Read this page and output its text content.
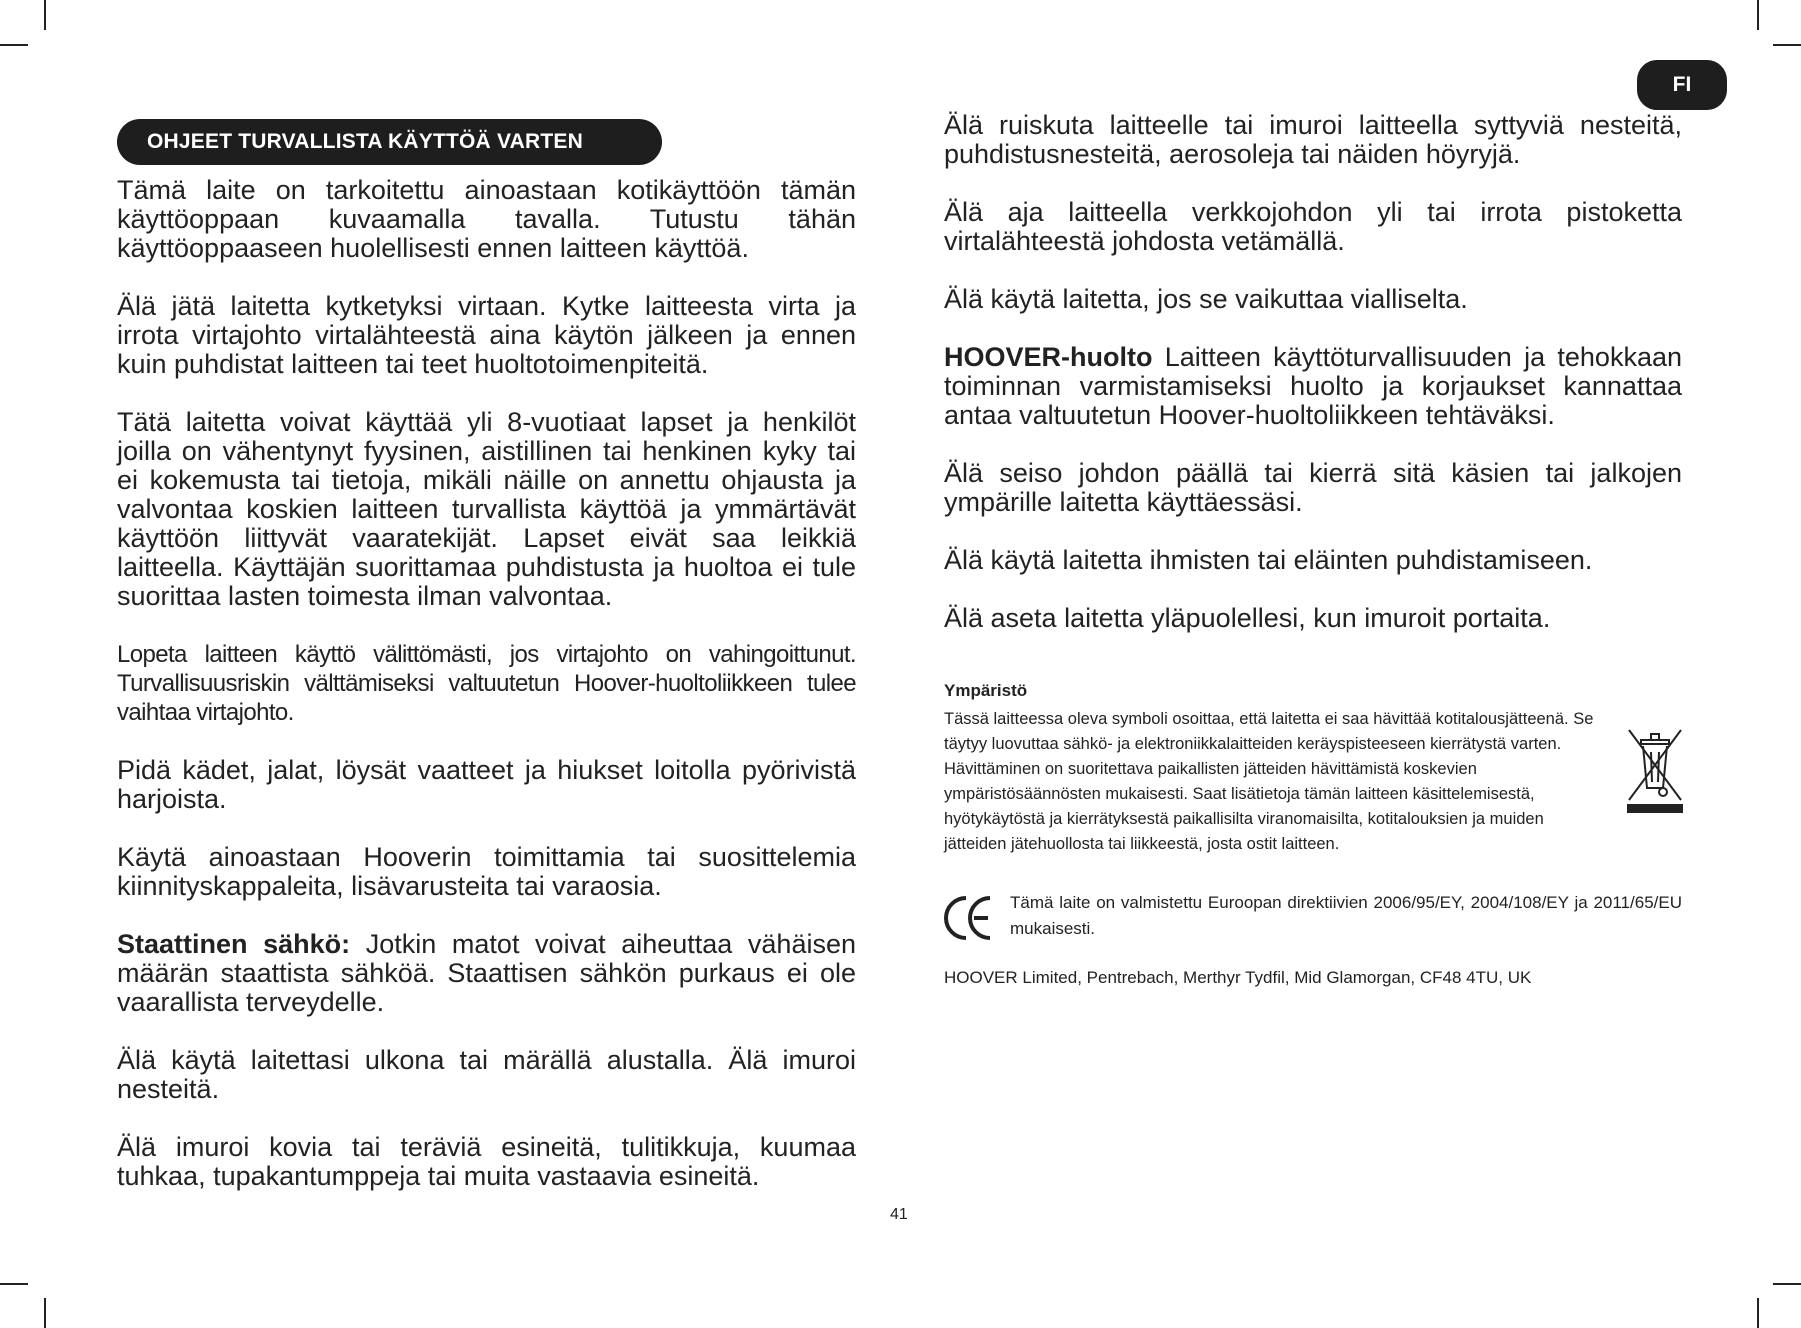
FI
OHJEET TURVALLISTA KÄYTTÖÄ VARTEN

Tämä laite on tarkoitettu ainoastaan kotikäyttöön tämän käyttöoppaan kuvaamalla tavalla. Tutustu tähän käyttöoppaaseen huolellisesti ennen laitteen käyttöä.

Älä jätä laitetta kytketyksi virtaan. Kytke laitteesta virta ja irrota virtajohto virtalähteestä aina käytön jälkeen ja ennen kuin puhdistat laitteen tai teet huoltotoimenpiteitä.

Tätä laitetta voivat käyttää yli 8-vuotiaat lapset ja henkilöt joilla on vähentynyt fyysinen, aistillinen tai henkinen kyky tai ei kokemusta tai tietoja, mikäli näille on annettu ohjausta ja valvontaa koskien laitteen turvallista käyttöä ja ymmärtävät käyttöön liittyvät vaaratekijät. Lapset eivät saa leikkiä laitteella. Käyttäjän suorittamaa puhdistusta ja huoltoa ei tule suorittaa lasten toimesta ilman valvontaa.

Lopeta laitteen käyttö välittömästi, jos virtajohto on vahingoittunut. Turvallisuusriskin välttämiseksi valtuutetun Hoover-huoltoliikkeen tulee vaihtaa virtajohto.

Pidä kädet, jalat, löysät vaatteet ja hiukset loitolla pyörivistä harjoista.

Käytä ainoastaan Hooverin toimittamia tai suosittelemia kiinnityskappaleita, lisävarusteita tai varaosia.

Staattinen sähkö: Jotkin matot voivat aiheuttaa vähäisen määrän staattista sähköä. Staattisen sähkön purkaus ei ole vaarallista terveydelle.

Älä käytä laitettasi ulkona tai märällä alustalla. Älä imuroi nesteitä.

Älä imuroi kovia tai teräviä esineitä, tulitikkuja, kuumaa tuhkaa, tupakantumppeja tai muita vastaavia esineitä.

Älä ruiskuta laitteelle tai imuroi laitteella syttyviä nesteitä, puhdistusnesteitä, aerosoleja tai näiden höyryjä.

Älä aja laitteella verkkojohdon yli tai irrota pistoketta virtalähteestä johdosta vetämällä.

Älä käytä laitetta, jos se vaikuttaa vialliselta.

HOOVER-huolto Laitteen käyttöturvallisuuden ja tehokkaan toiminnan varmistamiseksi huolto ja korjaukset kannattaa antaa valtuutetun Hoover-huoltoliikkeen tehtäväksi.

Älä seiso johdon päällä tai kierrä sitä käsien tai jalkojen ympärille laitetta käyttäessäsi.

Älä käytä laitetta ihmisten tai eläinten puhdistamiseen.

Älä aseta laitetta yläpuolellesi, kun imuroit portaita.

Ympäristö

Tässä laitteessa oleva symboli osoittaa, että laitetta ei saa hävittää kotitalousjätteenä. Se täytyy luovuttaa sähkö- ja elektroniikkalaitteiden keräyspisteeseen kierrätystä varten. Hävittäminen on suoritettava paikallisten jätteiden hävittämistä koskevien ympäristösäännösten mukaisesti. Saat lisätietoja tämän laitteen käsittelemisestä, hyötykäytöstä ja kierrätyksestä paikallisilta viranomaisilta, kotitalouksien ja muiden jätteiden jätehuollosta tai liikkeestä, josta ostit laitteen.

Tämä laite on valmistettu Euroopan direktiivien 2006/95/EY, 2004/108/EY ja 2011/65/EU mukaisesti.

HOOVER Limited, Pentrebach, Merthyr Tydfil, Mid Glamorgan, CF48 4TU, UK

41
